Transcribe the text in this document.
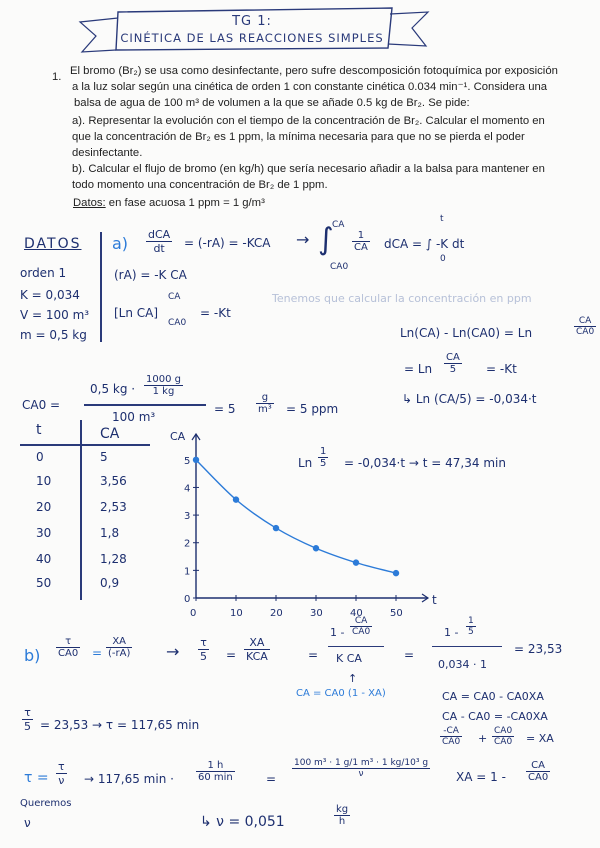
TG 1:
CINÉTICA DE LAS REACCIONES SIMPLES
1. El bromo (Br₂) se usa como desinfectante, pero sufre descomposición fotoquímica por exposición
a la luz solar según una cinética de orden 1 con constante cinética 0.034 min⁻¹. Considera una
balsa de agua de 100 m³ de volumen a la que se añade 0.5 kg de Br₂. Se pide:
a). Representar la evolución con el tiempo de la concentración de Br₂. Calcular el momento en
que la concentración de Br₂ es 1 ppm, la mínima necesaria para que no se pierda el poder
desinfectante.
b). Calcular el flujo de bromo (en kg/h) que sería necesario añadir a la balsa para mantener en
todo momento una concentración de Br₂ de 1 ppm.
Datos: en fase acuosa 1 ppm = 1 g/m³
DATOS
orden 1
K = 0,034
V = 100 m³
m = 0,5 kg
a) dCA
dt	= (-rA) = -KCA → ∫
CA
CA0
$\frac{1}{CA}$ dCA = ∫ -K dt
t
0
(rA) = -K CA
[Ln CA]
CA
CA0
= -Kt
Tenemos que calcular la concentración en ppm
Ln(CA) - Ln(CA0) = Ln	$\frac{CA}{CA0}$
= Ln $\frac{CA}{5} = -Kt$
↳ Ln (CA/5) = -0,034·t
CA0 =
0,5 kg · $\frac{1000 g}{1 kg}$
100 m³
= $5 \frac{g}{\text{m³}} = 5$ ppm
t	CA
0	5
10	3,56
20	2,53
30	1,8
40	1,28
50	0,9
0
1
2
3
4
5
0	10	20	30	40	50
CA
t
Ln $\frac{1}{5} = -0,034\cdot t \to t = 47,34$ min
$b) \frac{\tau}{CA0} = \frac{XA}{(-rA)} \to \frac{\tau}{5}$ =
XA
KCA	=
$1 - \frac{CA}{CA0}$
K CA	=
$1 - \frac{1}{5}$
0,034 · 1
= 23,53
↑
CA = CA0 (1 - XA)	CA = CA0 - CA0XA
CA - CA0 = -CA0XA
$\frac{-CA}{CA0} + \frac{CA0}{CA0}$ = XA
XA = $1 - \frac{CA}{CA0}$
$\frac{\tau}{5} = 23,53 \to \tau = 117,65$ min
$\frac{\tau}{\nu}$
τ =	→ 117,65 min ·
1 h
60 min	= $\frac{\text{100 m³ · 1 g/1 m³ · 1 kg/10³ g}}{\nu}$
Queremos
ν	↳ ν = 0,051	$\frac{kg}{h}$
